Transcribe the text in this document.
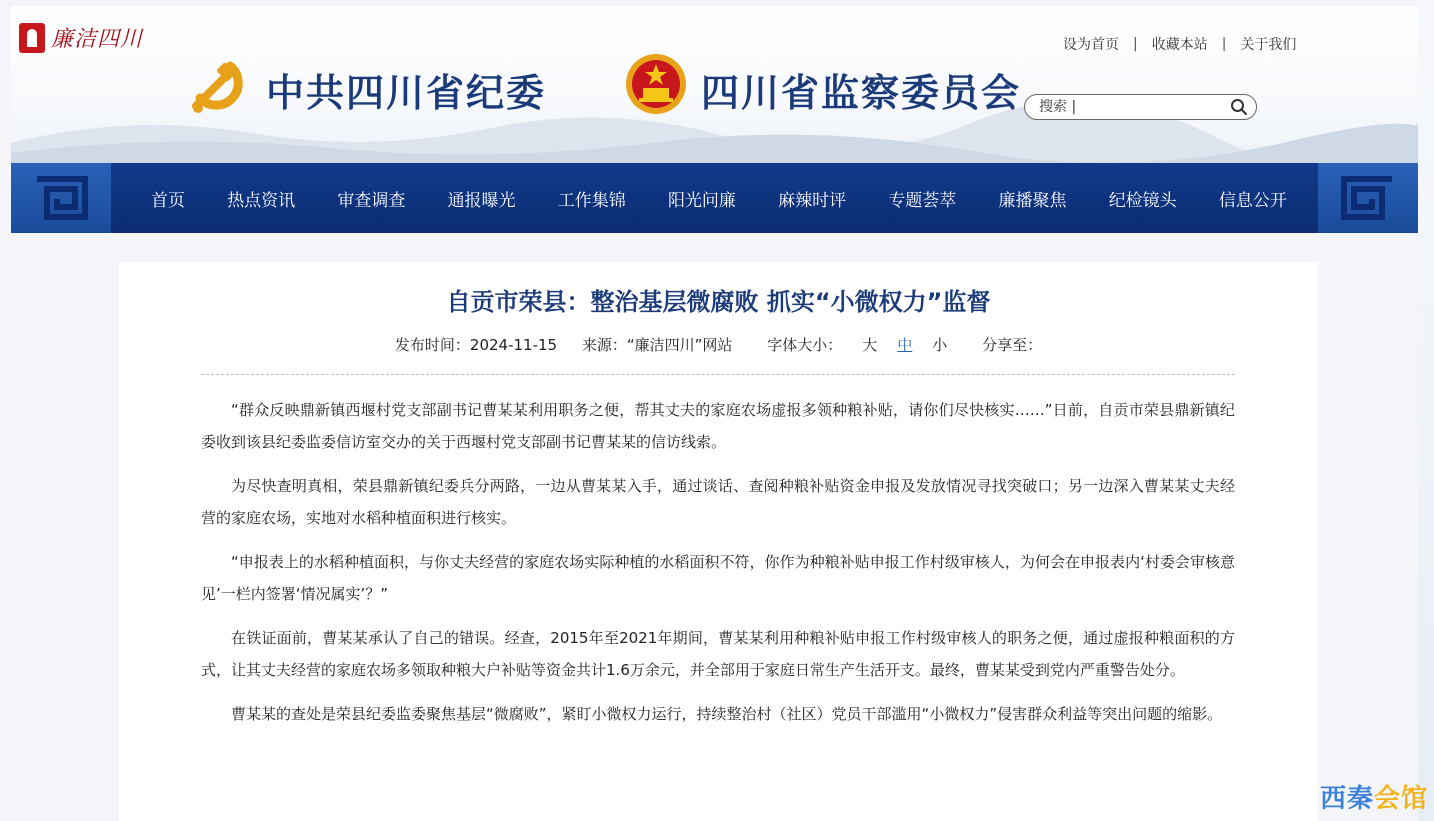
廉洁四川
中共四川省纪委	四川省监察委员会
设为首页 | 收藏本站 | 关于我们
搜索 |
首页 热点资讯 审查调查 通报曝光 工作集锦 阳光问廉 麻辣时评 专题荟萃 廉播聚焦 纪检镜头 信息公开
自贡市荣县：整治基层微腐败 抓实“小微权力”监督
发布时间：2024-11-15 来源：“廉洁四川”网站 字体大小： 大 中 小 分享至：

“群众反映鼎新镇西堰村党支部副书记曹某某利用职务之便，帮其丈夫的家庭农场虚报多领种粮补贴，请你们尽快核实……”日前，自贡市荣县鼎新镇纪委收到该县纪委监委信访室交办的关于西堰村党支部副书记曹某某的信访线索。

为尽快查明真相，荣县鼎新镇纪委兵分两路，一边从曹某某入手，通过谈话、查阅种粮补贴资金申报及发放情况寻找突破口；另一边深入曹某某丈夫经营的家庭农场，实地对水稻种植面积进行核实。

“申报表上的水稻种植面积，与你丈夫经营的家庭农场实际种植的水稻面积不符，你作为种粮补贴申报工作村级审核人，为何会在申报表内‘村委会审核意见’一栏内签署‘情况属实’？”

在铁证面前，曹某某承认了自己的错误。经查，2015年至2021年期间，曹某某利用种粮补贴申报工作村级审核人的职务之便，通过虚报种粮面积的方式，让其丈夫经营的家庭农场多领取种粮大户补贴等资金共计1.6万余元，并全部用于家庭日常生产生活开支。最终，曹某某受到党内严重警告处分。

曹某某的查处是荣县纪委监委聚焦基层“微腐败”，紧盯小微权力运行，持续整治村（社区）党员干部滥用“小微权力”侵害群众利益等突出问题的缩影。

西秦会馆
